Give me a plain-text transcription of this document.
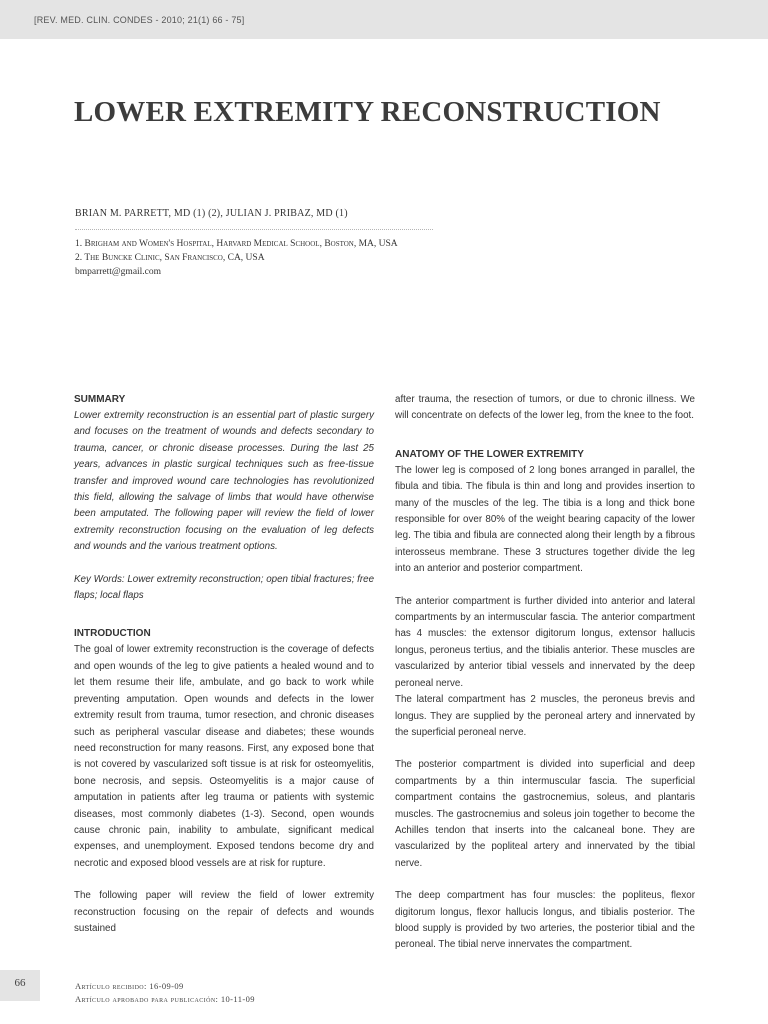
[REV. MED. CLIN. CONDES - 2010; 21(1) 66 - 75]
LOWER EXTREMITY RECONSTRUCTION
BRIAN M. PARRETT, MD (1) (2), JULIAN J. PRIBAZ, MD (1)
1. Brigham and Women's Hospital, Harvard Medical School, Boston, MA, USA
2. The Buncke Clinic, San Francisco, CA, USA
bmparrett@gmail.com
SUMMARY

Lower extremity reconstruction is an essential part of plastic surgery and focuses on the treatment of wounds and defects secondary to trauma, cancer, or chronic disease processes. During the last 25 years, advances in plastic surgical techniques such as free-tissue transfer and improved wound care technologies has revolutionized this field, allowing the salvage of limbs that would have otherwise been amputated. The following paper will review the field of lower extremity reconstruction focusing on the evaluation of leg defects and wounds and the various treatment options.

Key Words: Lower extremity reconstruction; open tibial fractures; free flaps; local flaps

INTRODUCTION

The goal of lower extremity reconstruction is the coverage of defects and open wounds of the leg to give patients a healed wound and to let them resume their life, ambulate, and go back to work while preventing amputation. Open wounds and defects in the lower extremity result from trauma, tumor resection, and chronic diseases such as peripheral vascular disease and diabetes; these wounds need reconstruction for many reasons. First, any exposed bone that is not covered by vascularized soft tissue is at risk for osteomyelitis, bone necrosis, and sepsis. Osteomyelitis is a major cause of amputation in patients after leg trauma or patients with systemic diseases, most commonly diabetes (1-3). Second, open wounds cause chronic pain, inability to ambulate, significant medical expenses, and unemployment. Exposed tendons become dry and necrotic and exposed blood vessels are at risk for rupture.

The following paper will review the field of lower extremity reconstruction focusing on the repair of defects and wounds sustained

after trauma, the resection of tumors, or due to chronic illness. We will concentrate on defects of the lower leg, from the knee to the foot.

ANATOMY OF THE LOWER EXTREMITY

The lower leg is composed of 2 long bones arranged in parallel, the fibula and tibia. The fibula is thin and long and provides insertion to many of the muscles of the leg. The tibia is a long and thick bone responsible for over 80% of the weight bearing capacity of the lower leg. The tibia and fibula are connected along their length by a fibrous interosseus membrane. These 3 structures together divide the leg into an anterior and posterior compartment.

The anterior compartment is further divided into anterior and lateral compartments by an intermuscular fascia. The anterior compartment has 4 muscles: the extensor digitorum longus, extensor hallucis longus, peroneus tertius, and the tibialis anterior. These muscles are vascularized by anterior tibial vessels and innervated by the deep peroneal nerve.

The lateral compartment has 2 muscles, the peroneus brevis and longus. They are supplied by the peroneal artery and innervated by the superficial peroneal nerve.

The posterior compartment is divided into superficial and deep compartments by a thin intermuscular fascia. The superficial compartment contains the gastrocnemius, soleus, and plantaris muscles. The gastrocnemius and soleus join together to become the Achilles tendon that inserts into the calcaneal bone. They are vascularized by the popliteal artery and innervated by the tibial nerve.

The deep compartment has four muscles: the popliteus, flexor digitorum longus, flexor hallucis longus, and tibialis posterior. The blood supply is provided by two arteries, the posterior tibial and the peroneal. The tibial nerve innervates the compartment.

66	Artículo recibido: 16-09-09
Artículo aprobado para publicación: 10-11-09
